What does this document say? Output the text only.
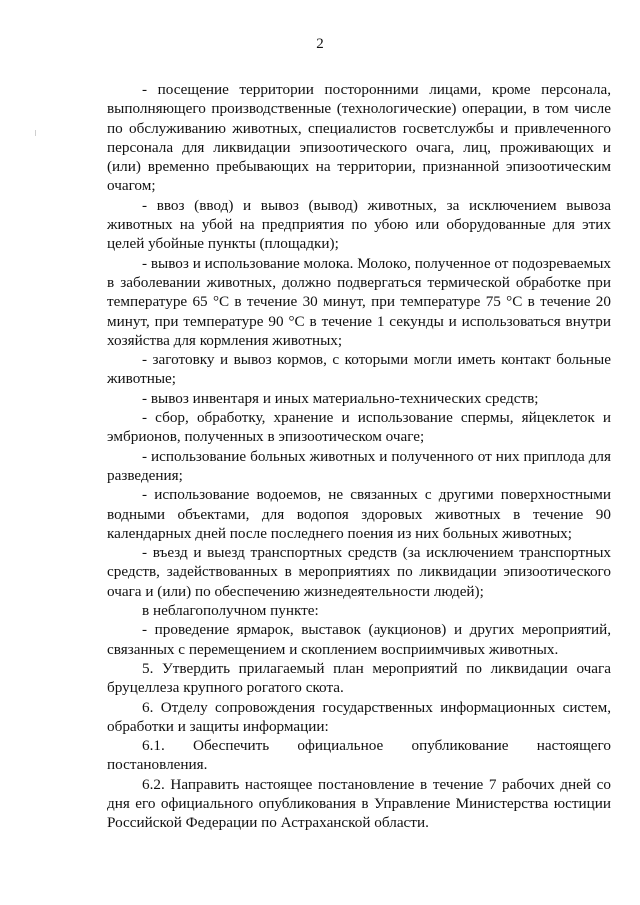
2

- посещение территории посторонними лицами, кроме персонала, выполняющего производственные (технологические) операции, в том числе по обслуживанию животных, специалистов госветслужбы и привлеченного персонала для ликвидации эпизоотического очага, лиц, проживающих и (или) временно пребывающих на территории, признанной эпизоотическим очагом;

- ввоз (ввод) и вывоз (вывод) животных, за исключением вывоза животных на убой на предприятия по убою или оборудованные для этих целей убойные пункты (площадки);

- вывоз и использование молока. Молоко, полученное от подозреваемых в заболевании животных, должно подвергаться термической обработке при температуре 65 °С в течение 30 минут, при температуре 75 °С в течение 20 минут, при температуре 90 °С в течение 1 секунды и использоваться внутри хозяйства для кормления животных;

- заготовку и вывоз кормов, с которыми могли иметь контакт больные животные;

- вывоз инвентаря и иных материально-технических средств;

- сбор, обработку, хранение и использование спермы, яйцеклеток и эмбрионов, полученных в эпизоотическом очаге;

- использование больных животных и полученного от них приплода для разведения;

- использование водоемов, не связанных с другими поверхностными водными объектами, для водопоя здоровых животных в течение 90 календарных дней после последнего поения из них больных животных;

- въезд и выезд транспортных средств (за исключением транспортных средств, задействованных в мероприятиях по ликвидации эпизоотического очага и (или) по обеспечению жизнедеятельности людей);

в неблагополучном пункте:

- проведение ярмарок, выставок (аукционов) и других мероприятий, связанных с перемещением и скоплением восприимчивых животных.

5. Утвердить прилагаемый план мероприятий по ликвидации очага бруцеллеза крупного рогатого скота.

6. Отделу сопровождения государственных информационных систем, обработки и защиты информации:

6.1. Обеспечить официальное опубликование настоящего постановления.

6.2. Направить настоящее постановление в течение 7 рабочих дней со дня его официального опубликования в Управление Министерства юстиции Российской Федерации по Астраханской области.
